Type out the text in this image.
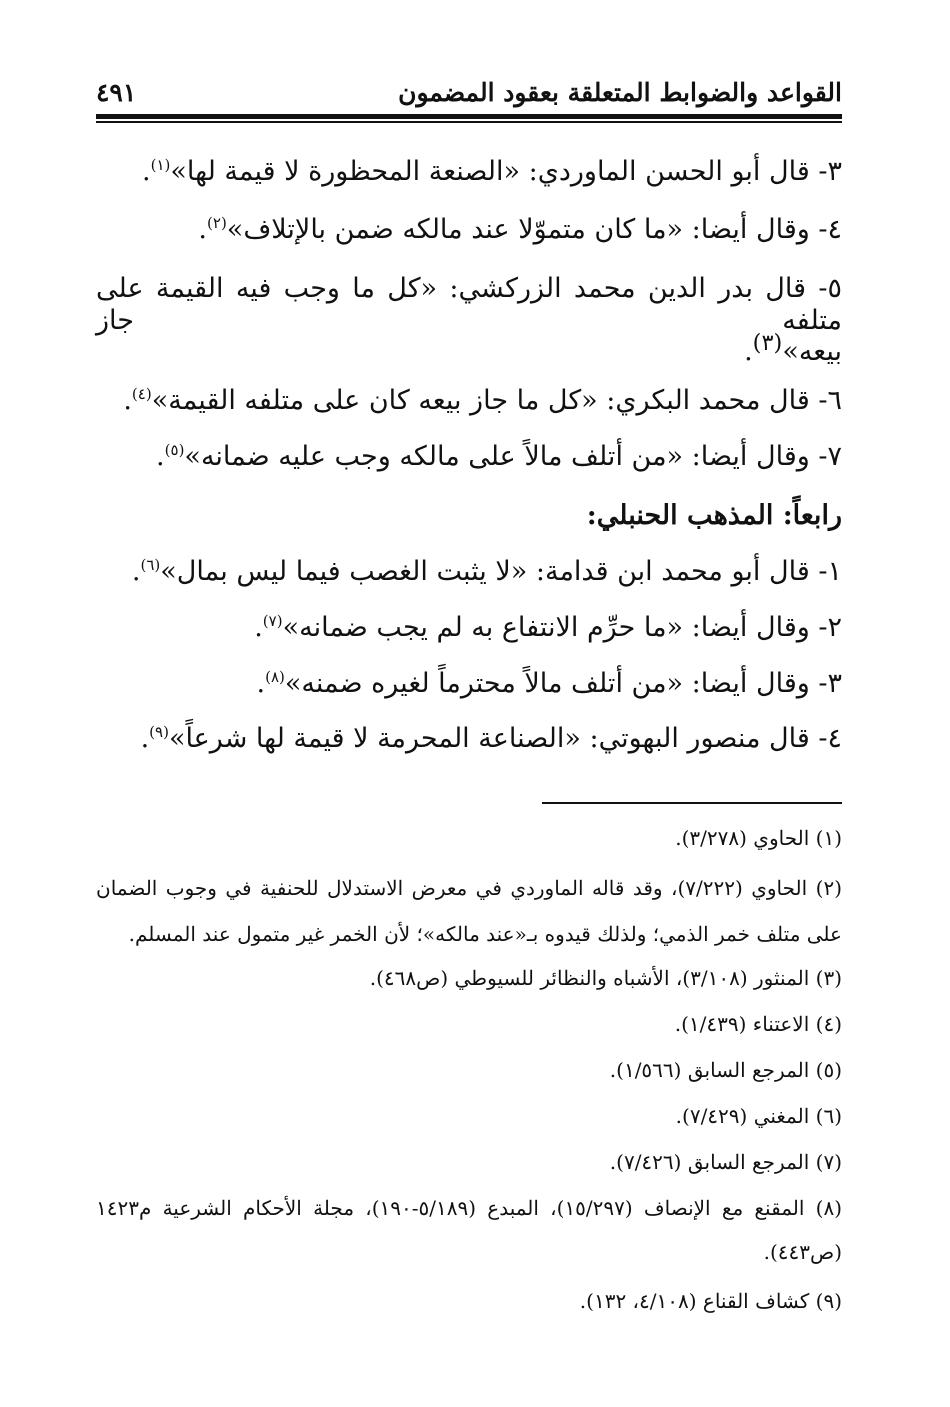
القواعد والضوابط المتعلقة بعقود المضمون
٤٩١
٣- قال أبو الحسن الماوردي: «الصنعة المحظورة لا قيمة لها»$^{(١)}$.
٤- وقال أيضا: «ما كان متموّلا عند مالكه ضمن بالإتلاف»$^{(٢)}$.
٥- قال بدر الدين محمد الزركشي: «كل ما وجب فيه القيمة على متلفه جاز
بيعه»$^{(٣)}$.
٦- قال محمد البكري: «كل ما جاز بيعه كان على متلفه القيمة»$^{(٤)}$.
٧- وقال أيضا: «من أتلف مالاً على مالكه وجب عليه ضمانه»$^{(٥)}$.
رابعاً: المذهب الحنبلي:
١- قال أبو محمد ابن قدامة: «لا يثبت الغصب فيما ليس بمال»$^{(٦)}$.
٢- وقال أيضا: «ما حرِّم الانتفاع به لم يجب ضمانه»$^{(٧)}$.
٣- وقال أيضا: «من أتلف مالاً محترماً لغيره ضمنه»$^{(٨)}$.
٤- قال منصور البهوتي: «الصناعة المحرمة لا قيمة لها شرعاً»$^{(٩)}$.
(١) الحاوي (٣/٢٧٨).
(٢) الحاوي (٧/٢٢٢)، وقد قاله الماوردي في معرض الاستدلال للحنفية في وجوب الضمان
على متلف خمر الذمي؛ ولذلك قيدوه بـ«عند مالكه»؛ لأن الخمر غير متمول عند المسلم.
(٣) المنثور (٣/١٠٨)، الأشباه والنظائر للسيوطي (ص٤٦٨).
(٤) الاعتناء (١/٤٣٩).
(٥) المرجع السابق (١/٥٦٦).
(٦) المغني (٧/٤٢٩).
(٧) المرجع السابق (٧/٤٢٦).
(٨) المقنع مع الإنصاف (١٥/٢٩٧)، المبدع (٥/١٨٩-١٩٠)، مجلة الأحكام الشرعية م١٤٢٣
(ص٤٤٣).
(٩) كشاف القناع (٤/١٠٨، ١٣٢).
